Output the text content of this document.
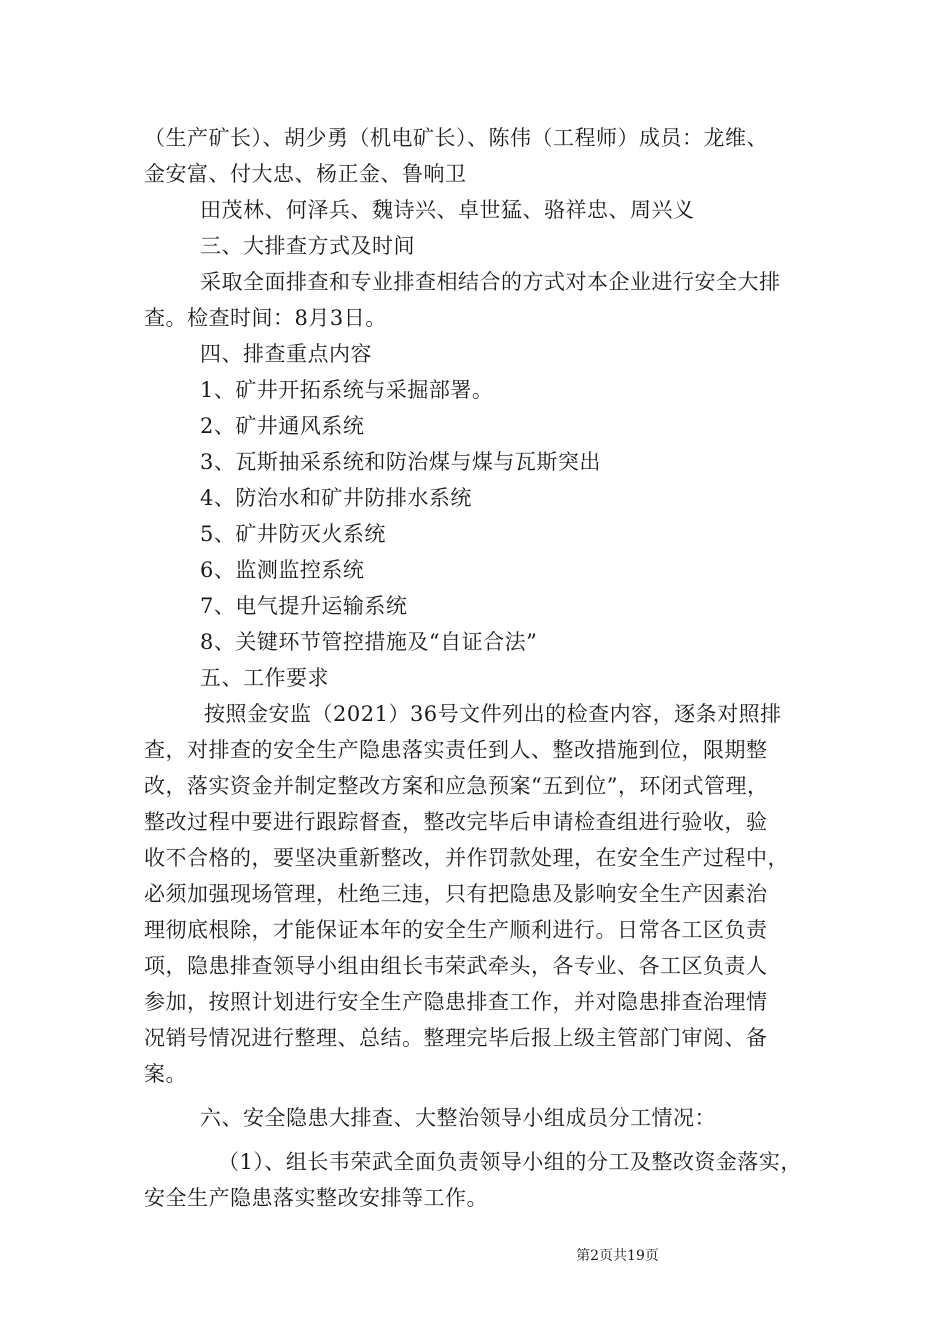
（生产矿长）、胡少勇（机电矿长）、陈伟（工程师）成员：龙维、
金安富、付大忠、杨正金、鲁响卫
田茂林、何泽兵、魏诗兴、卓世猛、骆祥忠、周兴义
三、大排查方式及时间
采取全面排查和专业排查相结合的方式对本企业进行安全大排
查。检查时间：8月3日。
四、排查重点内容
1、矿井开拓系统与采掘部署。
2、矿井通风系统
3、瓦斯抽采系统和防治煤与煤与瓦斯突出
4、防治水和矿井防排水系统
5、矿井防灭火系统
6、监测监控系统
7、电气提升运输系统
8、关键环节管控措施及“自证合法”
五、工作要求
按照金安监（2021）36号文件列出的检查内容，逐条对照排
查，对排查的安全生产隐患落实责任到人、整改措施到位，限期整
改，落实资金并制定整改方案和应急预案“五到位”，环闭式管理，
整改过程中要进行跟踪督查，整改完毕后申请检查组进行验收，验
收不合格的，要坚决重新整改，并作罚款处理，在安全生产过程中，
必须加强现场管理，杜绝三违，只有把隐患及影响安全生产因素治
理彻底根除，才能保证本年的安全生产顺利进行。日常各工区负责
项，隐患排查领导小组由组长韦荣武牵头，各专业、各工区负责人
参加，按照计划进行安全生产隐患排查工作，并对隐患排查治理情
况销号情况进行整理、总结。整理完毕后报上级主管部门审阅、备
案。
六、安全隐患大排查、大整治领导小组成员分工情况：
（1）、组长韦荣武全面负责领导小组的分工及整改资金落实，
安全生产隐患落实整改安排等工作。
第2页共19页
